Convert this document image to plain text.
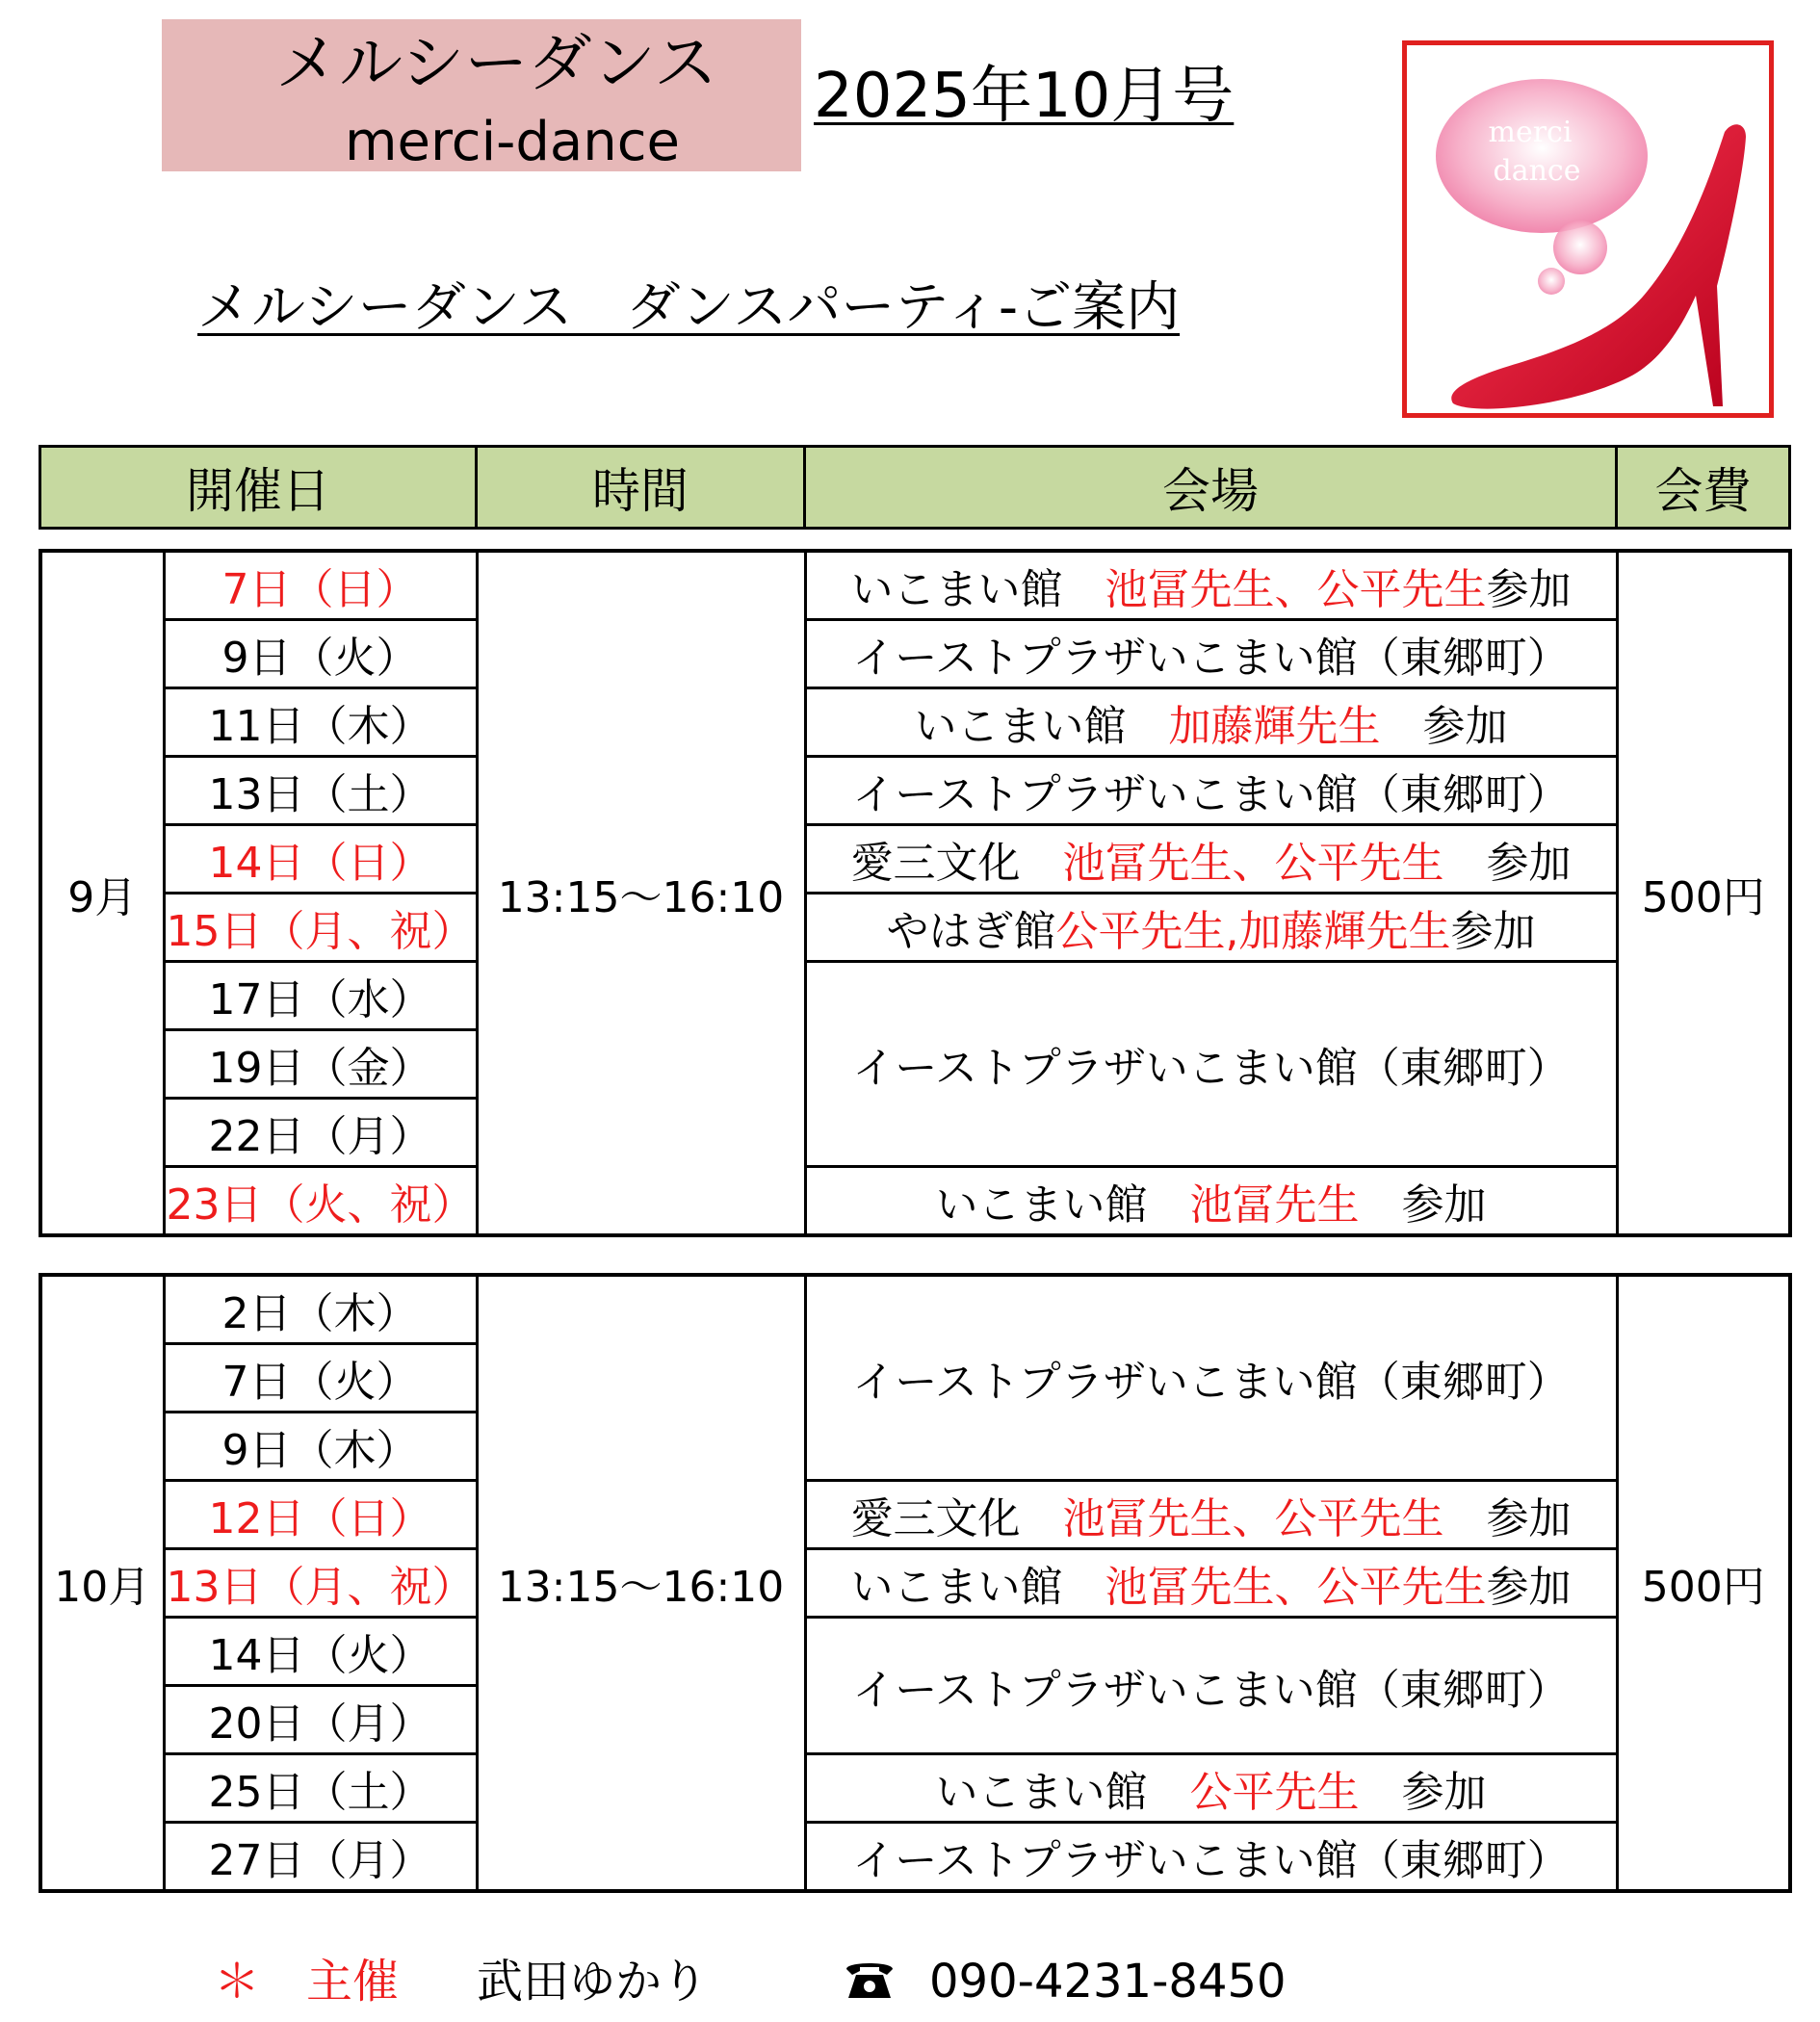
メルシーダンス
merci-dance
2025年10月号
メルシーダンス　ダンスパーティ-ご案内
merci
dance
開催日	時間	会場	会費
9月	7日（日）	13:15～16:10	いこまい館　池冨先生、公平先生参加	500円
	9日（火）		イーストプラザいこまい館（東郷町）	
	11日（木）		いこまい館　加藤輝先生　参加	
	13日（土）		イーストプラザいこまい館（東郷町）	
	14日（日）		愛三文化　池冨先生、公平先生　参加	
	15日（月、祝）		やはぎ館公平先生,加藤輝先生参加	
	17日（水）		イーストプラザいこまい館（東郷町）	
	19日（金）			
	22日（月）			
	23日（火、祝）		いこまい館　池冨先生　参加	
10月	2日（木）	13:15～16:10	イーストプラザいこまい館（東郷町）	500円
	7日（火）			
	9日（木）			
	12日（日）		愛三文化　池冨先生、公平先生　参加	
	13日（月、祝）		いこまい館　池冨先生、公平先生参加	
	14日（火）		イーストプラザいこまい館（東郷町）	
	20日（月）			
	25日（土）		いこまい館　公平先生　参加	
	27日（月）		イーストプラザいこまい館（東郷町）	
＊　主催 武田ゆかり	090-4231-8450
